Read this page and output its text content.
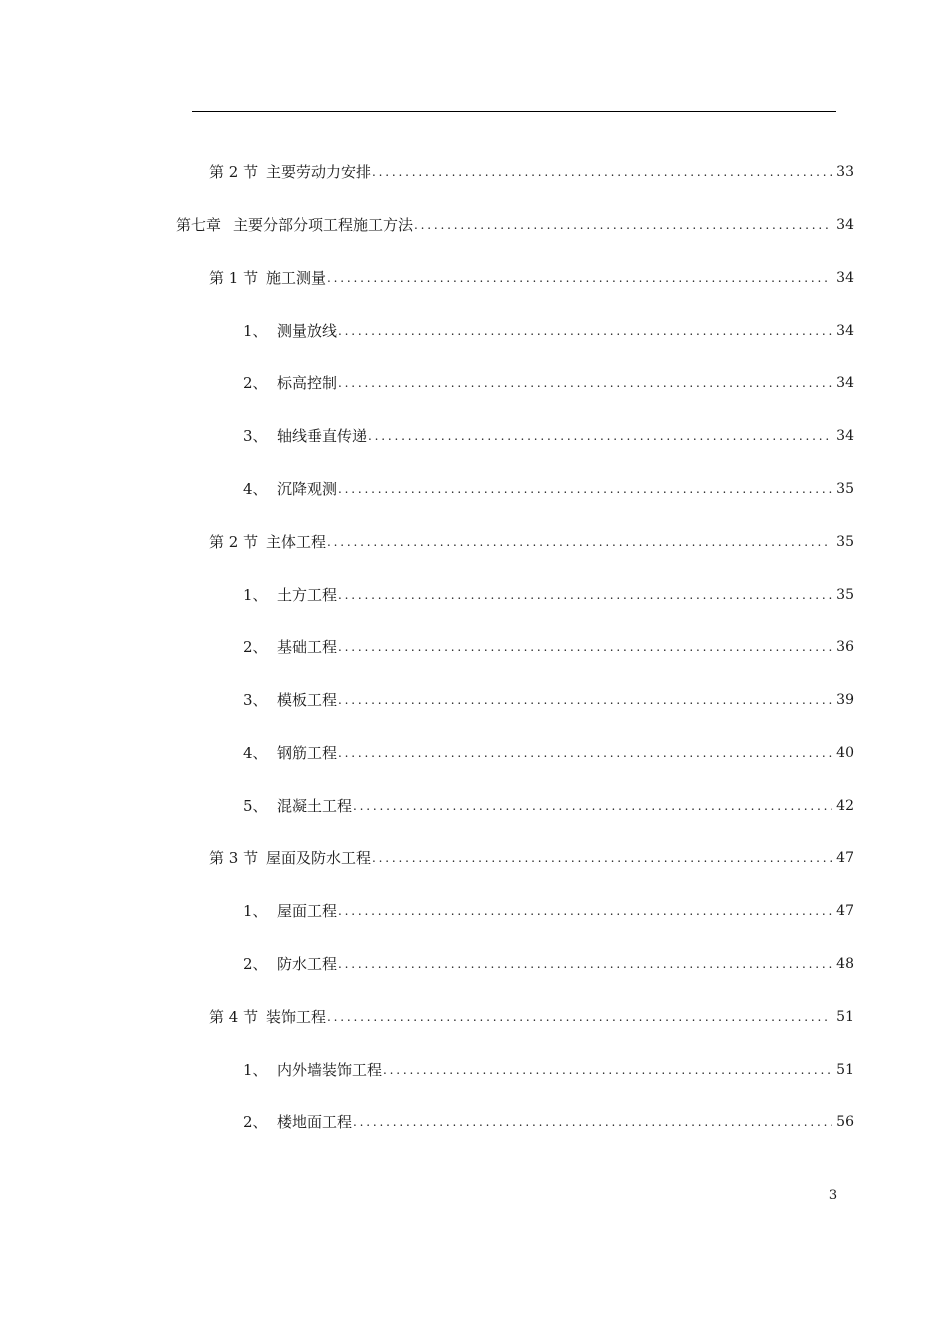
第 2 节 主要劳动力安排 . . .	33
第七章 主要分部分项工程施工方法 . . .	34
第 1 节 施工测量 . . .	34
1、 测量放线 . . .	34
2、 标高控制 . . .	34
3、 轴线垂直传递 . . .	34
4、 沉降观测 . . .	35
第 2 节 主体工程 . . .	35
1、 土方工程 . . .	35
2、 基础工程 . . .	36
3、 模板工程 . . .	39
4、 钢筋工程 . . .	40
5、 混凝土工程 . . .	42
第 3 节 屋面及防水工程 . . .	47
1、 屋面工程 . . .	47
2、 防水工程 . . .	48
第 4 节 装饰工程 . . .	51
1、 内外墙装饰工程 . . .	51
2、 楼地面工程 . . .	56
3
